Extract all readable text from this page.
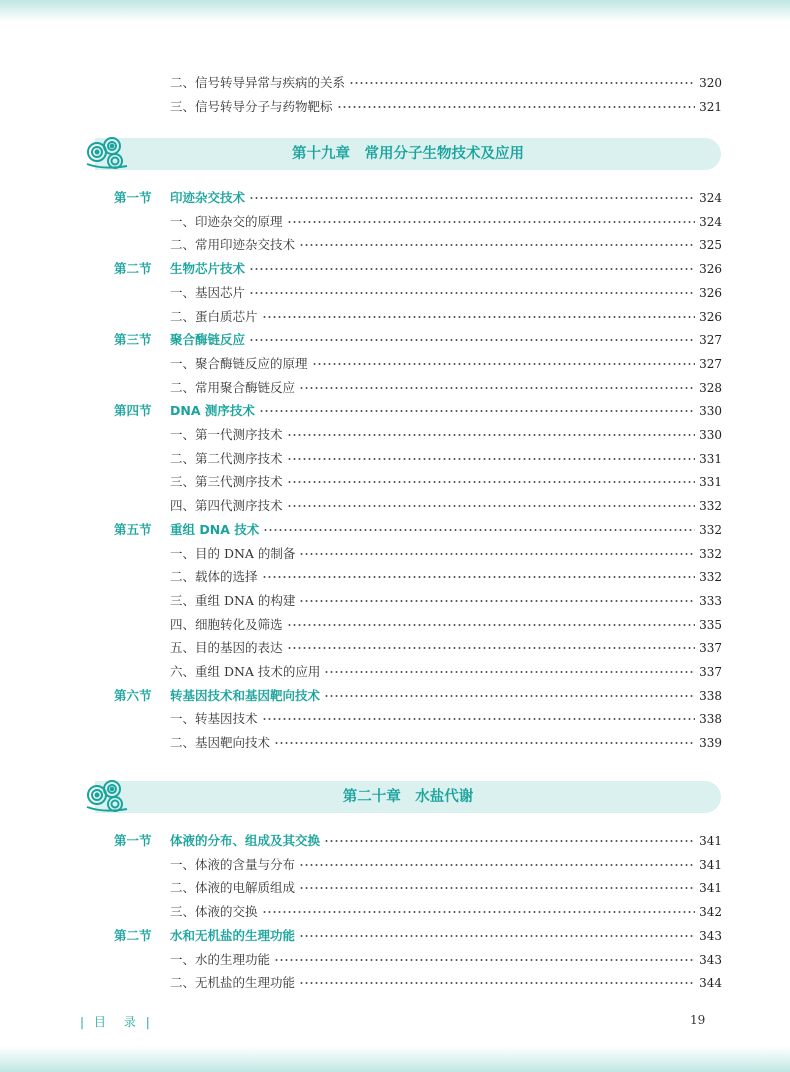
二、信号转导异常与疾病的关系	320
三、信号转导分子与药物靶标	321
第十九章　常用分子生物技术及应用
第一节 印迹杂交技术	324
一、印迹杂交的原理	324
二、常用印迹杂交技术	325
第二节 生物芯片技术	326
一、基因芯片	326
二、蛋白质芯片	326
第三节 聚合酶链反应	327
一、聚合酶链反应的原理	327
二、常用聚合酶链反应	328
第四节 DNA 测序技术	330
一、第一代测序技术	330
二、第二代测序技术	331
三、第三代测序技术	331
四、第四代测序技术	332
第五节 重组 DNA 技术	332
一、目的 DNA 的制备	332
二、载体的选择	332
三、重组 DNA 的构建	333
四、细胞转化及筛选	335
五、目的基因的表达	337
六、重组 DNA 技术的应用	337
第六节 转基因技术和基因靶向技术	338
一、转基因技术	338
二、基因靶向技术	339
第二十章　水盐代谢
第一节 体液的分布、组成及其交换	341
一、体液的含量与分布	341
二、体液的电解质组成	341
三、体液的交换	342
第二节 水和无机盐的生理功能	343
一、水的生理功能	343
二、无机盐的生理功能	344
| 目　录 |	19
